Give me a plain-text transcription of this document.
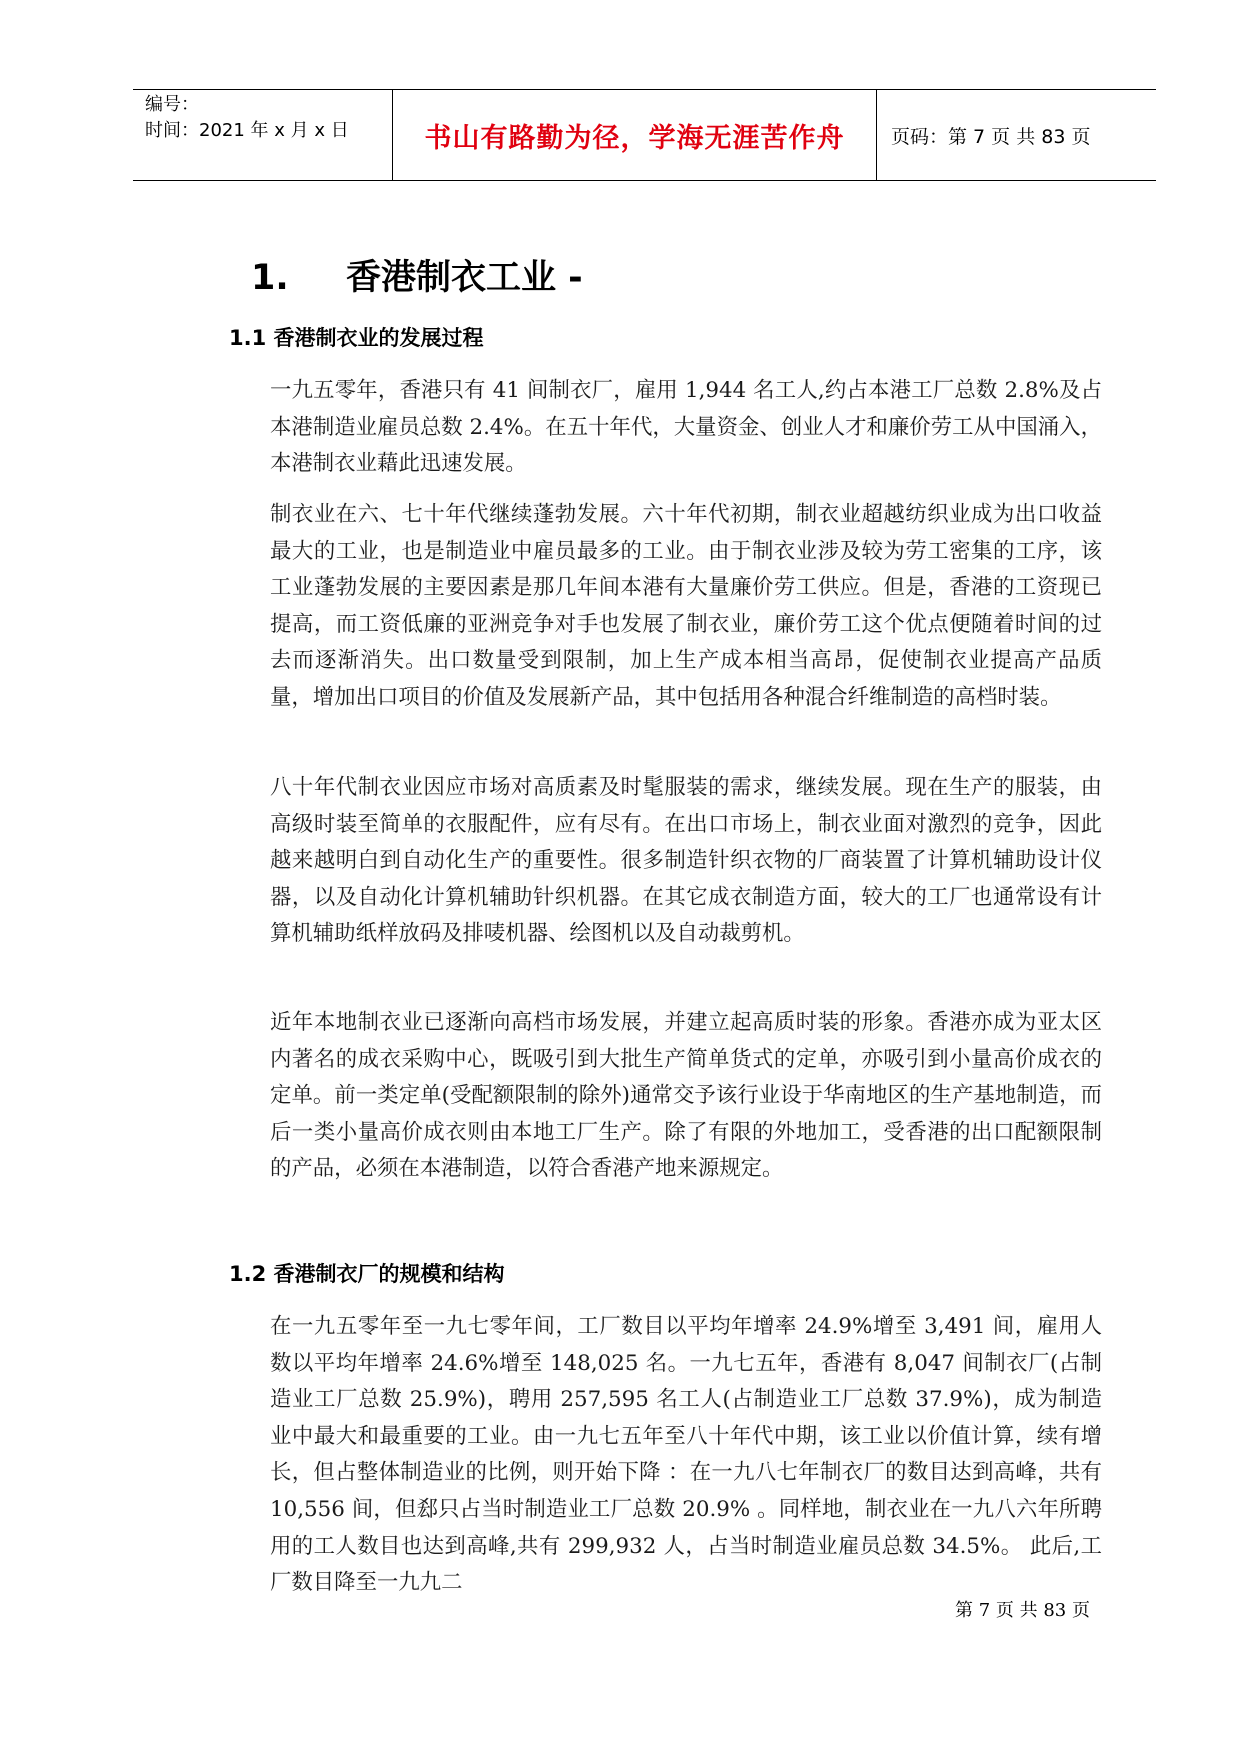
编号：
时间：2021 年 x 月 x 日	书山有路勤为径，学海无涯苦作舟 页码：第 7 页 共 83 页
1. 香港制衣工业 -
1.1 香港制衣业的发展过程

一九五零年，香港只有 41 间制衣厂，雇用 1,944 名工人,约占本港工厂总数 2.8%及占本港制造业雇员总数 2.4%。在五十年代，大量资金、创业人才和廉价劳工从中国涌入，本港制衣业藉此迅速发展。

制衣业在六、七十年代继续蓬勃发展。六十年代初期，制衣业超越纺织业成为出口收益最大的工业，也是制造业中雇员最多的工业。由于制衣业涉及较为劳工密集的工序，该工业蓬勃发展的主要因素是那几年间本港有大量廉价劳工供应。但是，香港的工资现已提高，而工资低廉的亚洲竞争对手也发展了制衣业，廉价劳工这个优点便随着时间的过去而逐渐消失。出口数量受到限制，加上生产成本相当高昂，促使制衣业提高产品质量，增加出口项目的价值及发展新产品，其中包括用各种混合纤维制造的高档时装。

八十年代制衣业因应市场对高质素及时髦服装的需求，继续发展。现在生产的服装，由高级时装至简单的衣服配件，应有尽有。在出口市场上，制衣业面对激烈的竞争，因此越来越明白到自动化生产的重要性。很多制造针织衣物的厂商装置了计算机辅助设计仪器，以及自动化计算机辅助针织机器。在其它成衣制造方面，较大的工厂也通常设有计算机辅助纸样放码及排唛机器、绘图机以及自动裁剪机。

近年本地制衣业已逐渐向高档市场发展，并建立起高质时装的形象。香港亦成为亚太区内著名的成衣采购中心，既吸引到大批生产简单货式的定单，亦吸引到小量高价成衣的定单。前一类定单(受配额限制的除外)通常交予该行业设于华南地区的生产基地制造，而后一类小量高价成衣则由本地工厂生产。除了有限的外地加工，受香港的出口配额限制的产品，必须在本港制造，以符合香港产地来源规定。

1.2 香港制衣厂的规模和结构

在一九五零年至一九七零年间，工厂数目以平均年增率 24.9%增至 3,491 间，雇用人数以平均年增率 24.6%增至 148,025 名。一九七五年，香港有 8,047 间制衣厂(占制造业工厂总数 25.9%)，聘用 257,595 名工人(占制造业工厂总数 37.9%)，成为制造业中最大和最重要的工业。由一九七五年至八十年代中期，该工业以价值计算，续有增长，但占整体制造业的比例，则开始下降 ：在一九八七年制衣厂的数目达到高峰，共有 10,556 间，但郄只占当时制造业工厂总数 20.9% 。同样地，制衣业在一九八六年所聘用的工人数目也达到高峰,共有 299,932 人，占当时制造业雇员总数 34.5%。 此后,工厂数目降至一九九二

第 7 页 共 83 页
